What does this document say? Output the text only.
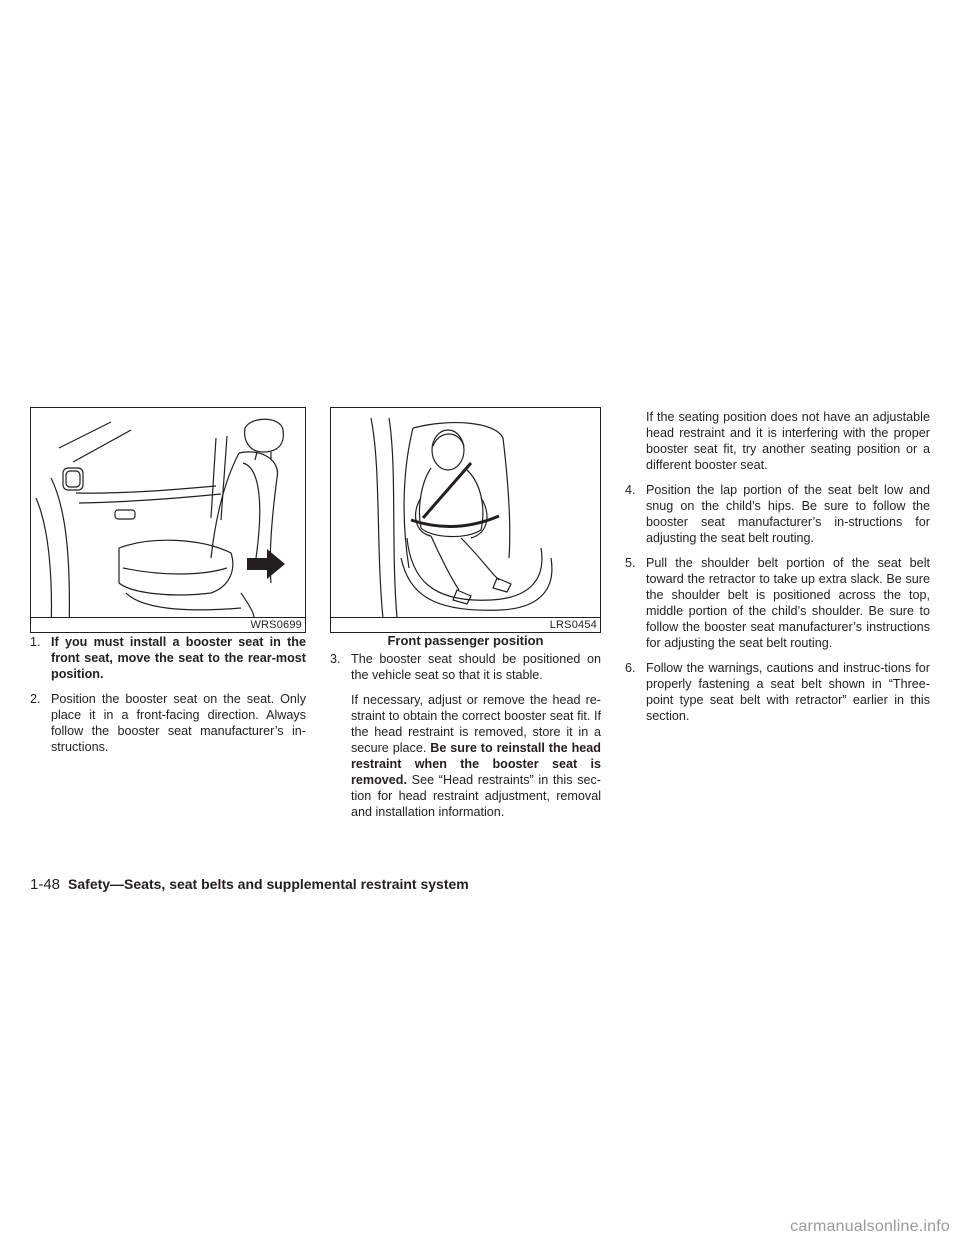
WRS0699	LRS0454
Front passenger position
1. If you must install a booster seat in the front seat, move the seat to the rear-most position.

2. Position the booster seat on the seat. Only place it in a front-facing direction. Always follow the booster seat manufacturer’s in-structions.

3. The booster seat should be positioned on the vehicle seat so that it is stable.

If necessary, adjust or remove the head re-straint to obtain the correct booster seat fit. If the head restraint is removed, store it in a secure place. Be sure to reinstall the head restraint when the booster seat is removed. See “Head restraints” in this sec-tion for head restraint adjustment, removal and installation information.

If the seating position does not have an adjustable head restraint and it is interfering with the proper booster seat fit, try another seating position or a different booster seat.

4. Position the lap portion of the seat belt low and snug on the child’s hips. Be sure to follow the booster seat manufacturer’s in-structions for adjusting the seat belt routing.

5. Pull the shoulder belt portion of the seat belt toward the retractor to take up extra slack. Be sure the shoulder belt is positioned across the top, middle portion of the child’s shoulder. Be sure to follow the booster seat manufacturer’s instructions for adjusting the seat belt routing.

6. Follow the warnings, cautions and instruc-tions for properly fastening a seat belt shown in “Three-point type seat belt with retractor” earlier in this section.

1-48 Safety—Seats, seat belts and supplemental restraint system
carmanualsonline.info
